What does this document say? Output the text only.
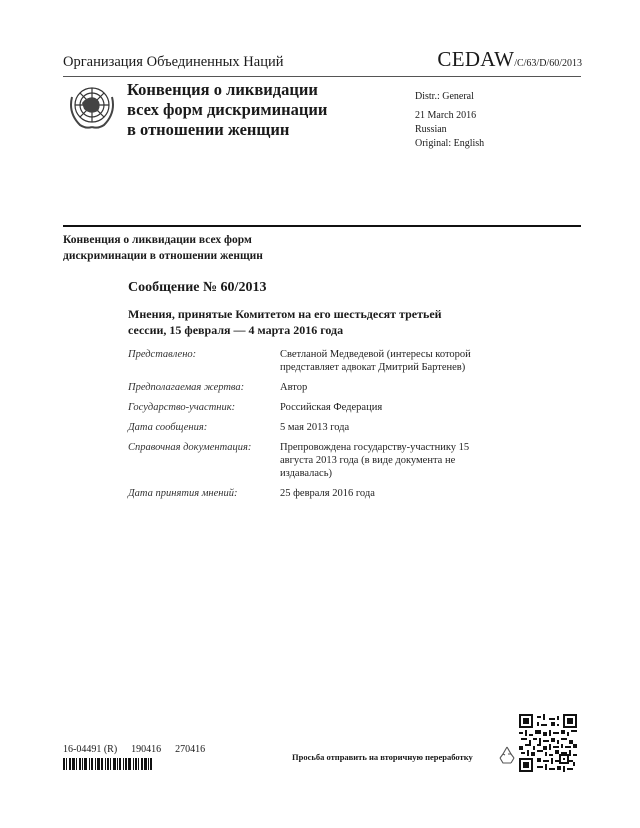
Организация Объединенных Наций	CEDAW/C/63/D/60/2013
Конвенция о ликвидации
всех форм дискриминации
в отношении женщин
Distr.: General
21 March 2016
Russian
Original: English
Конвенция о ликвидации всех форм
дискриминации в отношении женщин
Сообщение № 60/2013
Мнения, принятые Комитетом на его шестьдесят третьей
сессии, 15 февраля — 4 марта 2016 года
Представлено:	Светланой Медведевой (интересы которой представляет адвокат Дмитрий Бартенев)
Предполагаемая жертва:	Автор
Государство-участник:	Российская Федерация
Дата сообщения:	5 мая 2013 года
Справочная документация:	Препровождена государству-участнику 15 августа 2013 года (в виде документа не издавалась)
Дата принятия мнений:	25 февраля 2016 года
16-04491 (R) 190416 270416
Просьба отправить на вторичную переработку
